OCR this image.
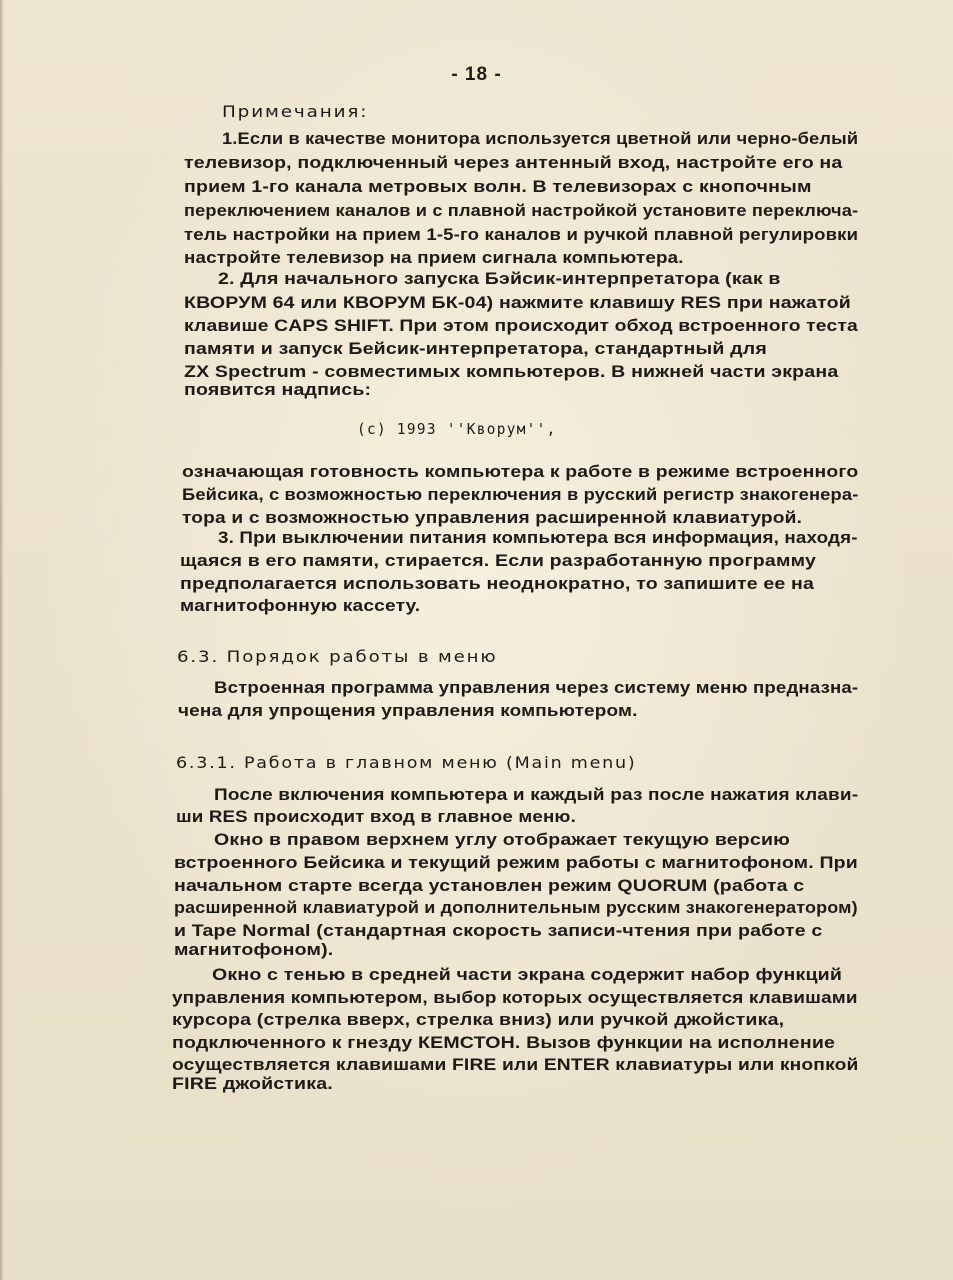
- 18 -
Примечания:
1.Если в качестве монитора используется цветной или черно-белый
телевизор, подключенный через антенный вход, настройте его на
прием 1-го канала метровых волн. В телевизорах с кнопочным
переключением каналов и с плавной настройкой установите переключа-
тель настройки на прием 1-5-го каналов и ручкой плавной регулировки
настройте телевизор на прием сигнала компьютера.
2. Для начального запуска Бэйсик-интерпретатора (как в
КВОРУМ 64 или КВОРУМ БК-04) нажмите клавишу RES при нажатой
клавише CAPS SHIFT. При этом происходит обход встроенного теста
памяти и запуск Бейсик-интерпретатора, стандартный для
ZX Spectrum - совместимых компьютеров. В нижней части экрана
появится надпись:
(c) 1993 ''Кворум'',
означающая готовность компьютера к работе в режиме встроенного
Бейсика, с возможностью переключения в русский регистр знакогенера-
тора и с возможностью управления расширенной клавиатурой.
3. При выключении питания компьютера вся информация, находя-
щаяся в его памяти, стирается. Если разработанную программу
предполагается использовать неоднократно, то запишите ее на
магнитофонную кассету.
6.3. Порядок работы в меню
Встроенная программа управления через систему меню предназна-
чена для упрощения управления компьютером.
6.3.1. Работа в главном меню (Main menu)
После включения компьютера и каждый раз после нажатия клави-
ши RES происходит вход в главное меню.
Окно в правом верхнем углу отображает текущую версию
встроенного Бейсика и текущий режим работы с магнитофоном. При
начальном старте всегда установлен режим QUORUM (работа с
расширенной клавиатурой и дополнительным русским знакогенератором)
и Tape Normal (стандартная скорость записи-чтения при работе с
магнитофоном).
Окно с тенью в средней части экрана содержит набор функций
управления компьютером, выбор которых осуществляется клавишами
курсора (стрелка вверх, стрелка вниз) или ручкой джойстика,
подключенного к гнезду КЕМСТОН. Вызов функции на исполнение
осуществляется клавишами FIRE или ENTER клавиатуры или кнопкой
FIRE джойстика.
